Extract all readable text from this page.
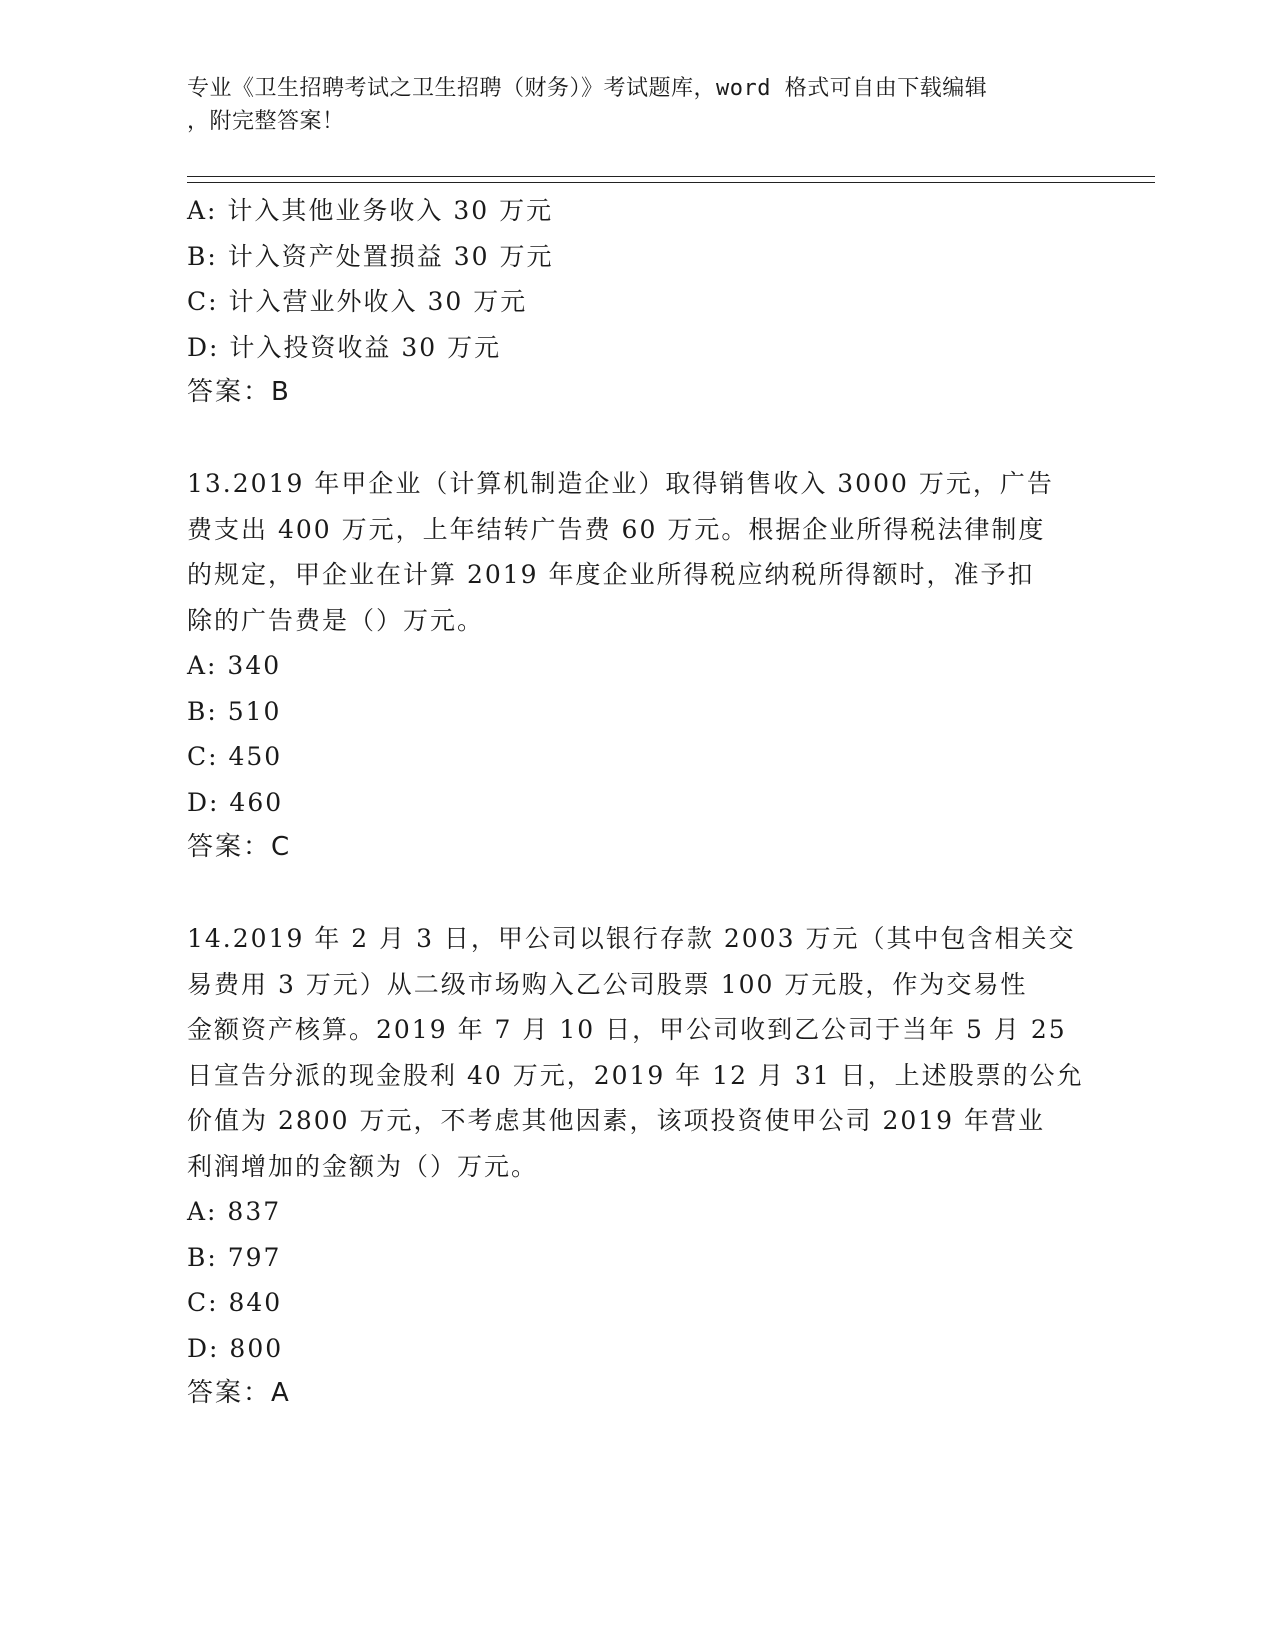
专业《卫生招聘考试之卫生招聘（财务）》考试题库，word 格式可自由下载编辑
，附完整答案！
A: 计入其他业务收入 30 万元
B: 计入资产处置损益 30 万元
C: 计入营业外收入 30 万元
D: 计入投资收益 30 万元
答案：B
13.2019 年甲企业（计算机制造企业）取得销售收入 3000 万元，广告
费支出 400 万元，上年结转广告费 60 万元。根据企业所得税法律制度
的规定，甲企业在计算 2019 年度企业所得税应纳税所得额时，准予扣
除的广告费是（）万元。
A: 340
B: 510
C: 450
D: 460
答案：C
14.2019 年 2 月 3 日，甲公司以银行存款 2003 万元（其中包含相关交
易费用 3 万元）从二级市场购入乙公司股票 100 万元股，作为交易性
金额资产核算。2019 年 7 月 10 日，甲公司收到乙公司于当年 5 月 25
日宣告分派的现金股利 40 万元，2019 年 12 月 31 日，上述股票的公允
价值为 2800 万元，不考虑其他因素，该项投资使甲公司 2019 年营业
利润增加的金额为（）万元。
A: 837
B: 797
C: 840
D: 800
答案：A
